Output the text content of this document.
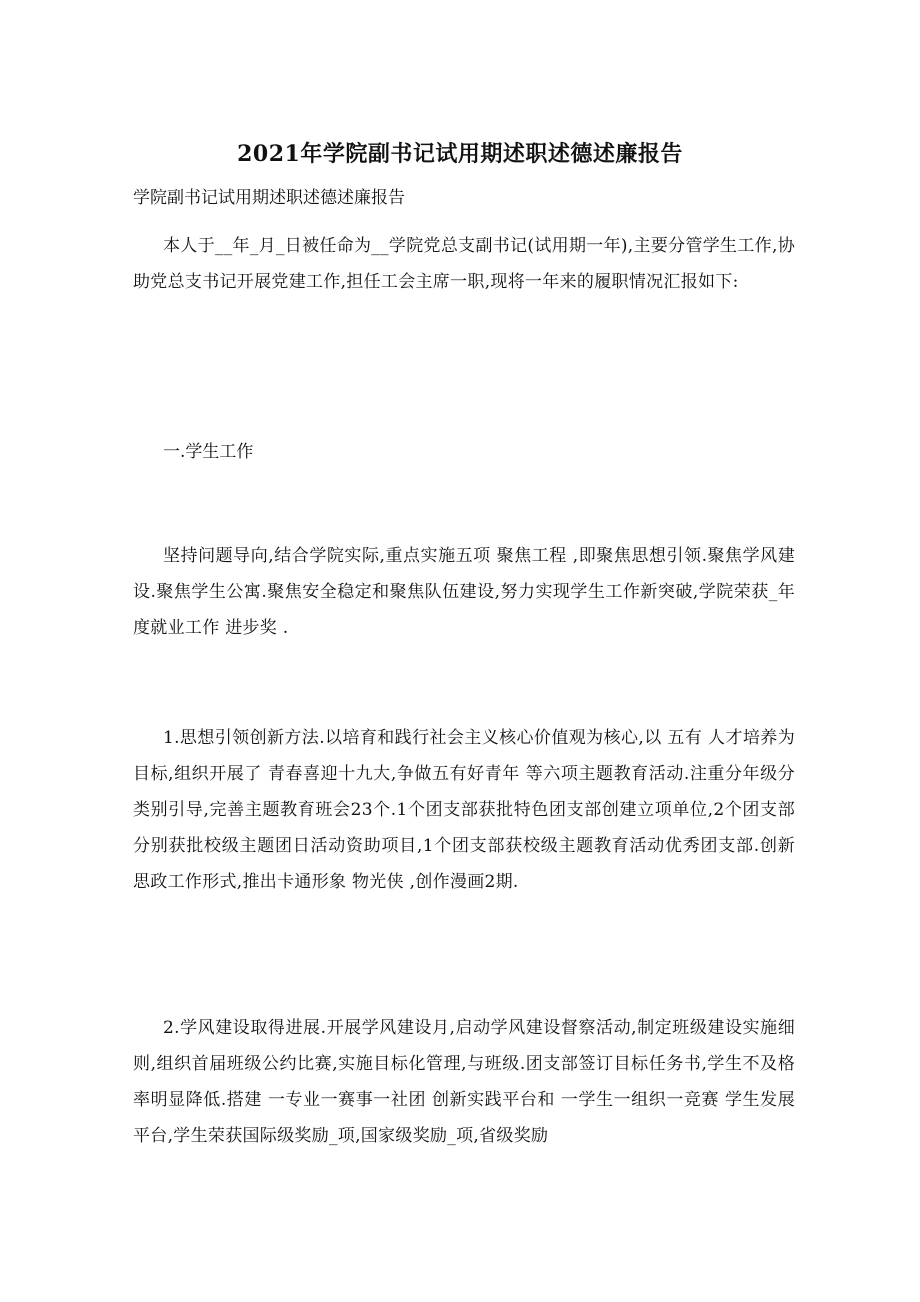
2021年学院副书记试用期述职述德述廉报告

学院副书记试用期述职述德述廉报告

本人于__年_月_日被任命为__学院党总支副书记(试用期一年),主要分管学生工作,协助党总支书记开展党建工作,担任工会主席一职,现将一年来的履职情况汇报如下:

一.学生工作

坚持问题导向,结合学院实际,重点实施五项 聚焦工程 ,即聚焦思想引领.聚焦学风建设.聚焦学生公寓.聚焦安全稳定和聚焦队伍建设,努力实现学生工作新突破,学院荣获_年度就业工作 进步奖 .

1.思想引领创新方法.以培育和践行社会主义核心价值观为核心,以 五有 人才培养为目标,组织开展了 青春喜迎十九大,争做五有好青年 等六项主题教育活动.注重分年级分类别引导,完善主题教育班会23个.1个团支部获批特色团支部创建立项单位,2个团支部分别获批校级主题团日活动资助项目,1个团支部获校级主题教育活动优秀团支部.创新思政工作形式,推出卡通形象 物光侠 ,创作漫画2期.

2.学风建设取得进展.开展学风建设月,启动学风建设督察活动,制定班级建设实施细则,组织首届班级公约比赛,实施目标化管理,与班级.团支部签订目标任务书,学生不及格率明显降低.搭建 一专业一赛事一社团 创新实践平台和 一学生一组织一竞赛 学生发展平台,学生荣获国际级奖励_项,国家级奖励_项,省级奖励
